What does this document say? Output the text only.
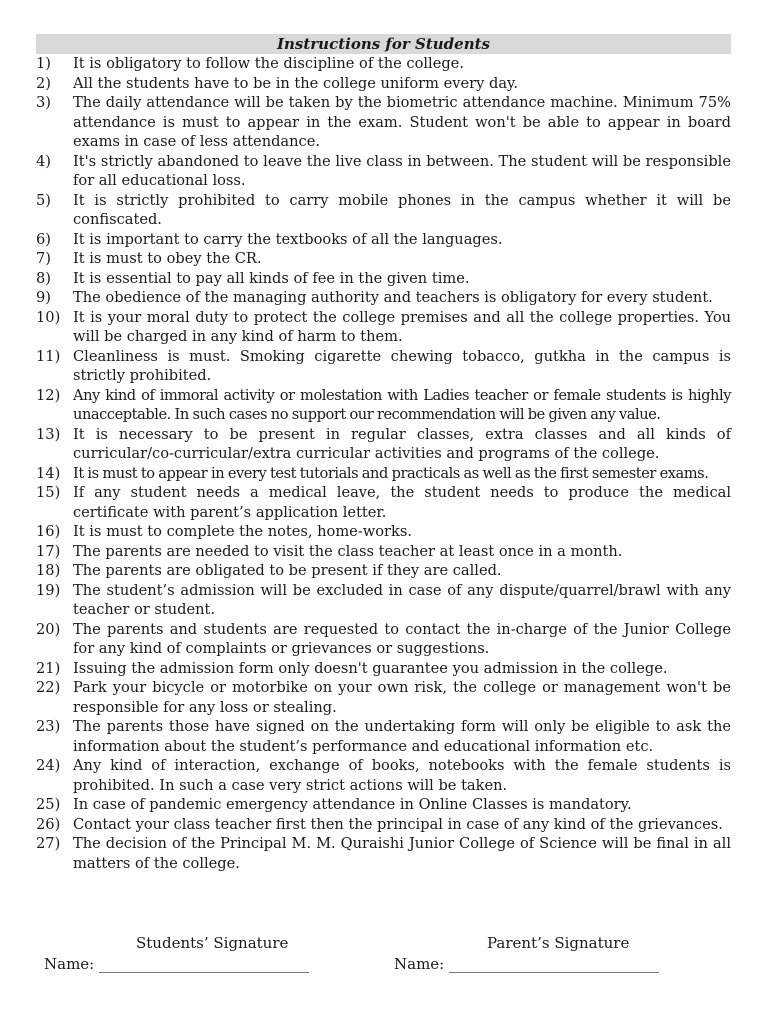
Instructions for Students
1)	It is obligatory to follow the discipline of the college.
2)	All the students have to be in the college uniform every day.
3)	The daily attendance will be taken by the biometric attendance machine. Minimum 75% attendance is must to appear in the exam. Student won't be able to appear in board exams in case of less attendance.
4)	It's strictly abandoned to leave the live class in between. The student will be responsible for all educational loss.
5)	It is strictly prohibited to carry mobile phones in the campus whether it will be confiscated.
6)	It is important to carry the textbooks of all the languages.
7)	It is must to obey the CR.
8)	It is essential to pay all kinds of fee in the given time.
9)	The obedience of the managing authority and teachers is obligatory for every student.
10) It is your moral duty to protect the college premises and all the college properties. You will be charged in any kind of harm to them.
11) Cleanliness is must. Smoking cigarette chewing tobacco, gutkha in the campus is strictly prohibited.
12) Any kind of immoral activity or molestation with Ladies teacher or female students is highly unacceptable. In such cases no support our recommendation will be given any value.
13) It is necessary to be present in regular classes, extra classes and all kinds of curricular/co-curricular/extra curricular activities and programs of the college.
14) It is must to appear in every test tutorials and practicals as well as the first semester exams.
15) If any student needs a medical leave, the student needs to produce the medical certificate with parent’s application letter.
16) It is must to complete the notes, home-works.
17) The parents are needed to visit the class teacher at least once in a month.
18) The parents are obligated to be present if they are called.
19) The student’s admission will be excluded in case of any dispute/quarrel/brawl with any teacher or student.
20) The parents and students are requested to contact the in-charge of the Junior College for any kind of complaints or grievances or suggestions.
21) Issuing the admission form only doesn't guarantee you admission in the college.
22) Park your bicycle or motorbike on your own risk, the college or management won't be responsible for any loss or stealing.
23) The parents those have signed on the undertaking form will only be eligible to ask the information about the student’s performance and educational information etc.
24) Any kind of interaction, exchange of books, notebooks with the female students is prohibited. In such a case very strict actions will be taken.
25) In case of pandemic emergency attendance in Online Classes is mandatory.
26) Contact your class teacher first then the principal in case of any kind of the grievances.
27) The decision of the Principal M. M. Quraishi Junior College of Science will be final in all matters of the college.
Students’ Signature	Parent’s Signature
Name: ____________________________	Name: ____________________________
